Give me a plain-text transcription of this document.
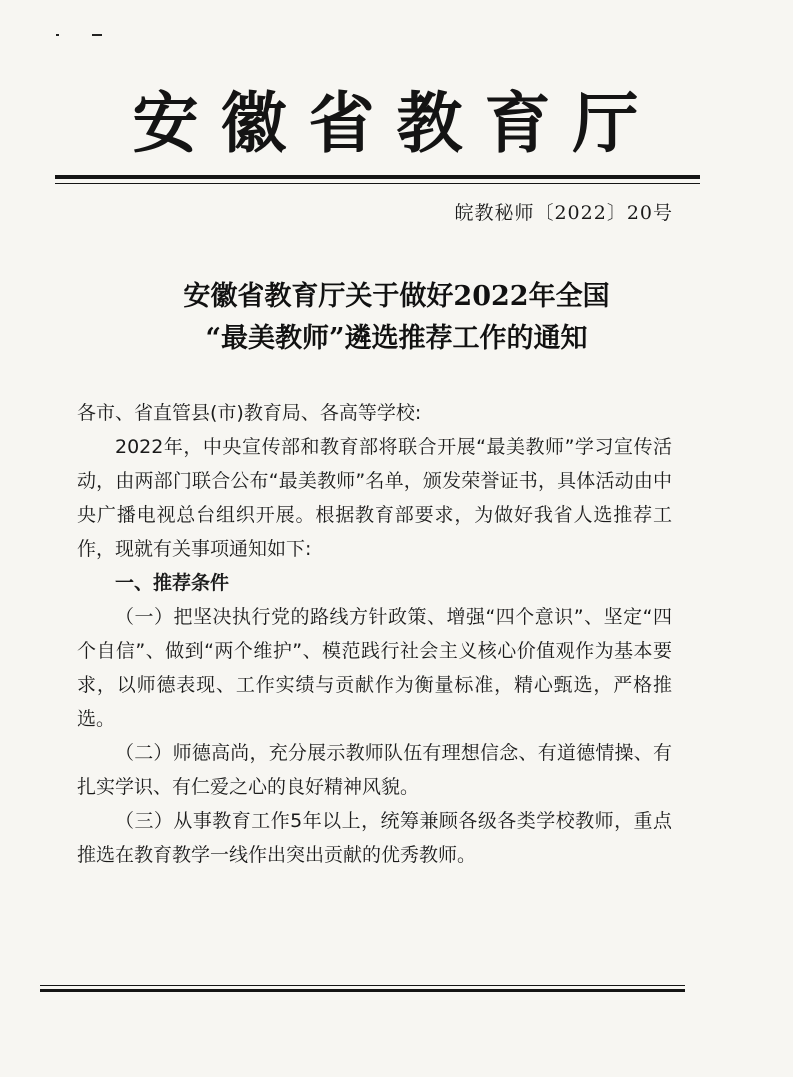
安徽省教育厅
皖教秘师〔2022〕20号
安徽省教育厅关于做好2022年全国
“最美教师”遴选推荐工作的通知

各市、省直管县(市)教育局、各高等学校:

2022年，中央宣传部和教育部将联合开展“最美教师”学习宣传活动，由两部门联合公布“最美教师”名单，颁发荣誉证书，具体活动由中央广播电视总台组织开展。根据教育部要求，为做好我省人选推荐工作，现就有关事项通知如下:

一、推荐条件

（一）把坚决执行党的路线方针政策、增强“四个意识”、坚定“四个自信”、做到“两个维护”、模范践行社会主义核心价值观作为基本要求，以师德表现、工作实绩与贡献作为衡量标准，精心甄选，严格推选。

（二）师德高尚，充分展示教师队伍有理想信念、有道德情操、有扎实学识、有仁爱之心的良好精神风貌。

（三）从事教育工作5年以上，统筹兼顾各级各类学校教师，重点推选在教育教学一线作出突出贡献的优秀教师。
